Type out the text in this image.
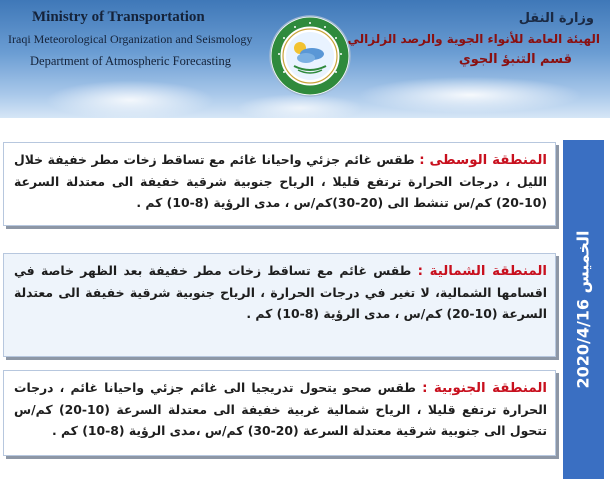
Ministry of Transportation
Iraqi Meteorological Organization and Seismology
Department of Atmospheric Forecasting
وزارة النقل
الهيئة العامة للأنواء الجوية والرصد الزلزالي
قسم التنبؤ الجوي
الخميس 2020/4/16
المنطقة الوسطى : طقس غائم جزئي واحيانا غائم مع تساقط زخات مطر خفيفة خلال الليل ، درجات الحرارة ترتفع قليلا ، الرياح جنوبية شرقية خفيفة الى معتدلة السرعة (10-20) كم/س تنشط الى (20-30)كم/س ، مدى الرؤية (8-10) كم .
المنطقة الشمالية : طقس غائم مع تساقط زخات مطر خفيفة بعد الظهر خاصة في اقسامها الشمالية، لا تغير في درجات الحرارة ، الرياح جنوبية شرقية خفيفة الى معتدلة السرعة (10-20) كم/س ، مدى الرؤية (8-10) كم .
المنطقة الجنوبية : طقس صحو يتحول تدريجيا الى غائم جزئي واحيانا غائم ، درجات الحرارة ترتفع قليلا ، الرياح شمالية غربية خفيفة الى معتدلة السرعة (10-20) كم/س تتحول الى جنوبية شرقية معتدلة السرعة (20-30) كم/س ،مدى الرؤية (8-10) كم .
